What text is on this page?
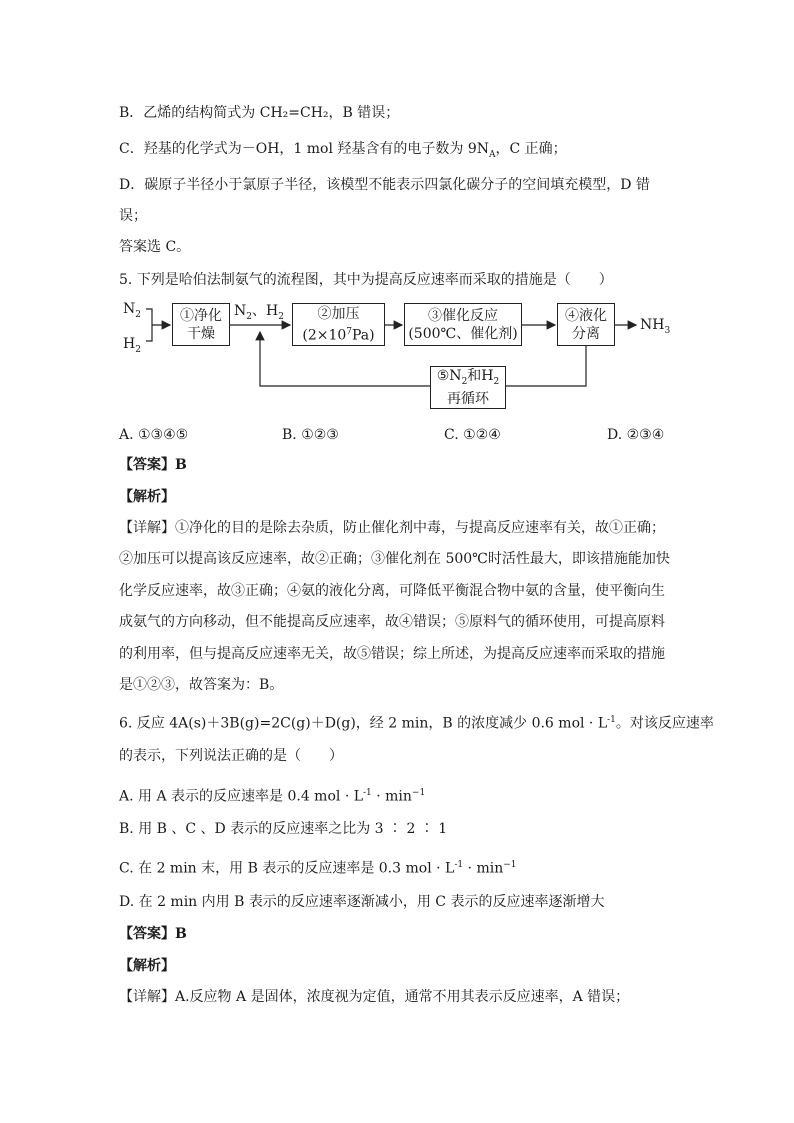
B．乙烯的结构简式为 CH₂=CH₂，B 错误；
C．羟基的化学式为－OH，1 mol 羟基含有的电子数为 $9N_A$，C 正确；
D．碳原子半径小于氯原子半径，该模型不能表示四氯化碳分子的空间填充模型，D 错
误；
答案选 C。
5. 下列是哈伯法制氨气的流程图，其中为提高反应速率而采取的措施是（　　）
$N_2$
$H_2$
①净化
干燥
$N_2$、$H_2$ ②加压
$(2\times 10^7Pa)$
③催化反应
(500℃、催化剂)
④液化
分离
$NH_3$
$⑤N_2$和$H_2$
再循环
A. ①③④⑤	B. ①②③	C. ①②④	D. ②③④
【答案】B
【解析】
【详解】①净化的目的是除去杂质，防止催化剂中毒，与提高反应速率有关，故①正确；
②加压可以提高该反应速率，故②正确；③催化剂在 500℃时活性最大，即该措施能加快
化学反应速率，故③正确；④氨的液化分离，可降低平衡混合物中氨的含量，使平衡向生
成氨气的方向移动，但不能提高反应速率，故④错误；⑤原料气的循环使用，可提高原料
的利用率，但与提高反应速率无关，故⑤错误；综上所述，为提高反应速率而采取的措施
是①②③，故答案为：B。
6. 反应 4A(s)＋3B(g)=2C(g)＋D(g)，经 2 min，B 的浓度减少 0.6 mol · $L^{-1}$。对该反应速率
的表示，下列说法正确的是（　　）
A. 用 A 表示的反应速率是 0.4 mol · $L^{-1} \cdot \min^{-1}$
B. 用 B 、C 、D 表示的反应速率之比为 3 ∶ 2 ∶ 1
C. 在 2 min 末，用 B 表示的反应速率是 0.3 mol · $L^{-1} \cdot \min^{-1}$
D. 在 2 min 内用 B 表示的反应速率逐渐减小，用 C 表示的反应速率逐渐增大
【答案】B
【解析】
【详解】A.反应物 A 是固体，浓度视为定值，通常不用其表示反应速率，A 错误；
